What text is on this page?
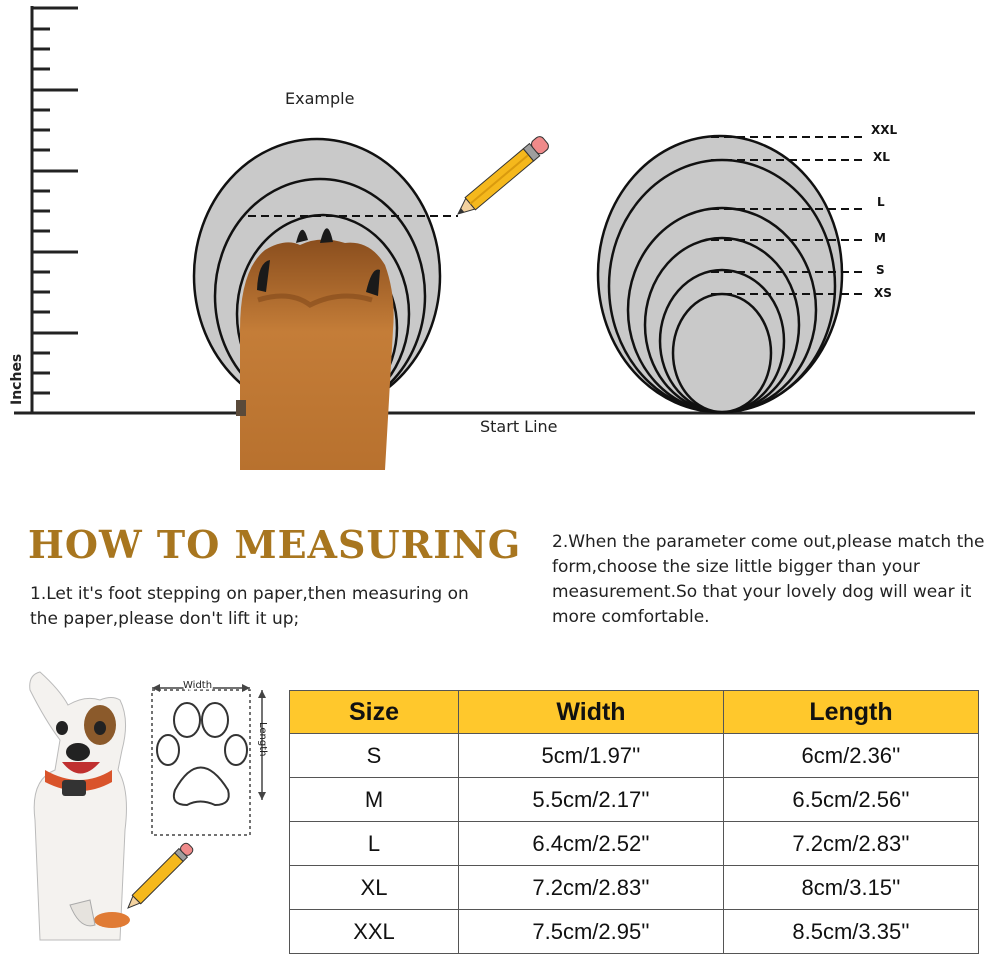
Inches
Start Line
Example
XXL
XL
L
M
S
XS
Width
Length
HOW TO MEASURING
1.Let it's foot stepping on paper,then measuring on the paper,please don't lift it up;
2.When the parameter come out,please match the form,choose the size little bigger than your measurement.So that your lovely dog will wear it more comfortable.
Size	Width	Length
S	5cm/1.97''	6cm/2.36''
M	5.5cm/2.17''	6.5cm/2.56''
L	6.4cm/2.52''	7.2cm/2.83''
XL	7.2cm/2.83''	8cm/3.15''
XXL	7.5cm/2.95''	8.5cm/3.35''
